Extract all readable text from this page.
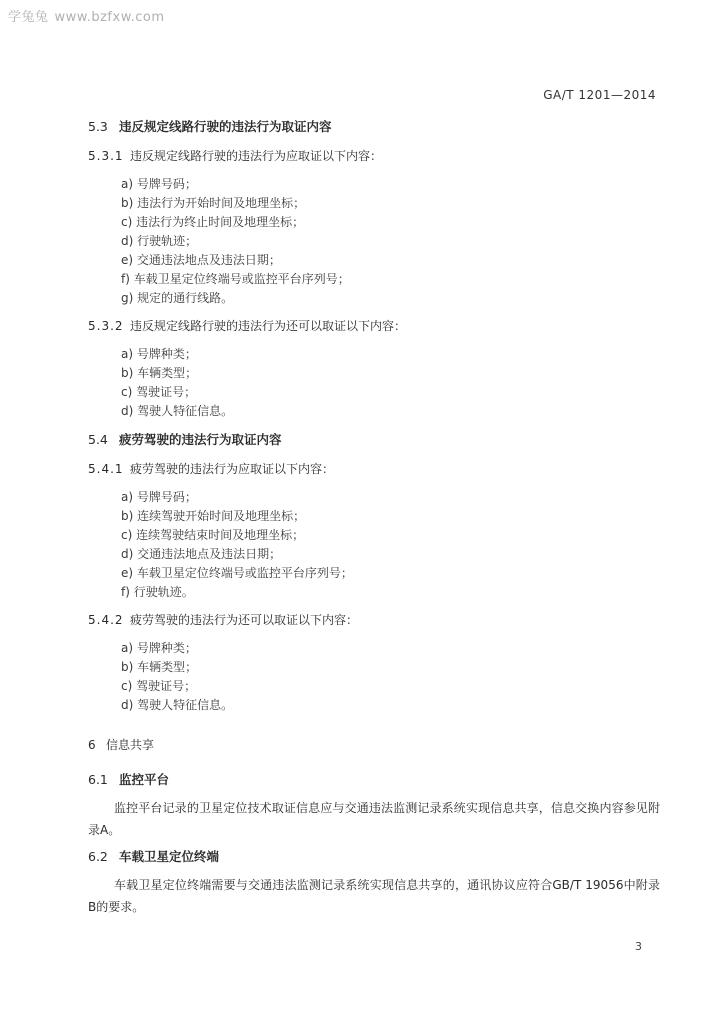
学兔兔 www.bzfxw.com
GA/T 1201—2014
5.3 违反规定线路行驶的违法行为取证内容
5.3.1 违反规定线路行驶的违法行为应取证以下内容：
a) 号牌号码；
b) 违法行为开始时间及地理坐标；
c) 违法行为终止时间及地理坐标；
d) 行驶轨迹；
e) 交通违法地点及违法日期；
f) 车载卫星定位终端号或监控平台序列号；
g) 规定的通行线路。
5.3.2 违反规定线路行驶的违法行为还可以取证以下内容：
a) 号牌种类；
b) 车辆类型；
c) 驾驶证号；
d) 驾驶人特征信息。
5.4 疲劳驾驶的违法行为取证内容
5.4.1 疲劳驾驶的违法行为应取证以下内容：
a) 号牌号码；
b) 连续驾驶开始时间及地理坐标；
c) 连续驾驶结束时间及地理坐标；
d) 交通违法地点及违法日期；
e) 车载卫星定位终端号或监控平台序列号；
f) 行驶轨迹。
5.4.2 疲劳驾驶的违法行为还可以取证以下内容：
a) 号牌种类；
b) 车辆类型；
c) 驾驶证号；
d) 驾驶人特征信息。
6 信息共享
6.1 监控平台
监控平台记录的卫星定位技术取证信息应与交通违法监测记录系统实现信息共享，信息交换内容参见附录A。
6.2 车载卫星定位终端
车载卫星定位终端需要与交通违法监测记录系统实现信息共享的，通讯协议应符合GB/T 19056中附录B的要求。
3
